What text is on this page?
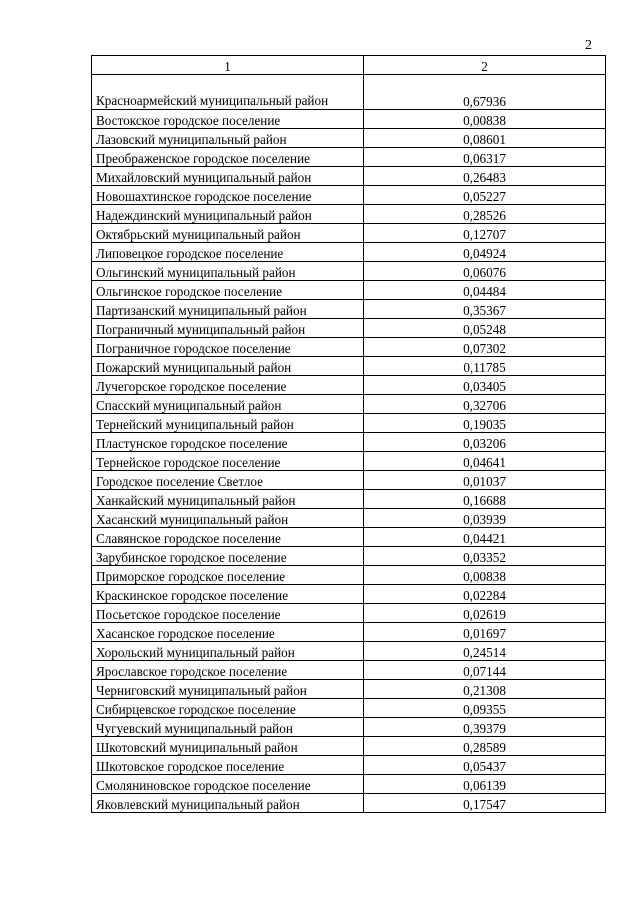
2
1	2
Красноармейский муниципальный район	0,67936
Востокское городское поселение	0,00838
Лазовский муниципальный район	0,08601
Преображенское городское поселение	0,06317
Михайловский муниципальный район	0,26483
Новошахтинское городское поселение	0,05227
Надеждинский муниципальный район	0,28526
Октябрьский муниципальный район	0,12707
Липовецкое городское поселение	0,04924
Ольгинский муниципальный район	0,06076
Ольгинское городское поселение	0,04484
Партизанский муниципальный район	0,35367
Пограничный муниципальный район	0,05248
Пограничное городское поселение	0,07302
Пожарский муниципальный район	0,11785
Лучегорское городское поселение	0,03405
Спасский муниципальный район	0,32706
Тернейский муниципальный район	0,19035
Пластунское городское поселение	0,03206
Тернейское городское поселение	0,04641
Городское поселение Светлое	0,01037
Ханкайский муниципальный район	0,16688
Хасанский муниципальный район	0,03939
Славянское городское поселение	0,04421
Зарубинское городское поселение	0,03352
Приморское городское поселение	0,00838
Краскинское городское поселение	0,02284
Посьетское городское поселение	0,02619
Хасанское городское поселение	0,01697
Хорольский муниципальный район	0,24514
Ярославское городское поселение	0,07144
Черниговский муниципальный район	0,21308
Сибирцевское городское поселение	0,09355
Чугуевский муниципальный район	0,39379
Шкотовский муниципальный район	0,28589
Шкотовское городское поселение	0,05437
Смоляниновское городское поселение	0,06139
Яковлевский муниципальный район	0,17547
